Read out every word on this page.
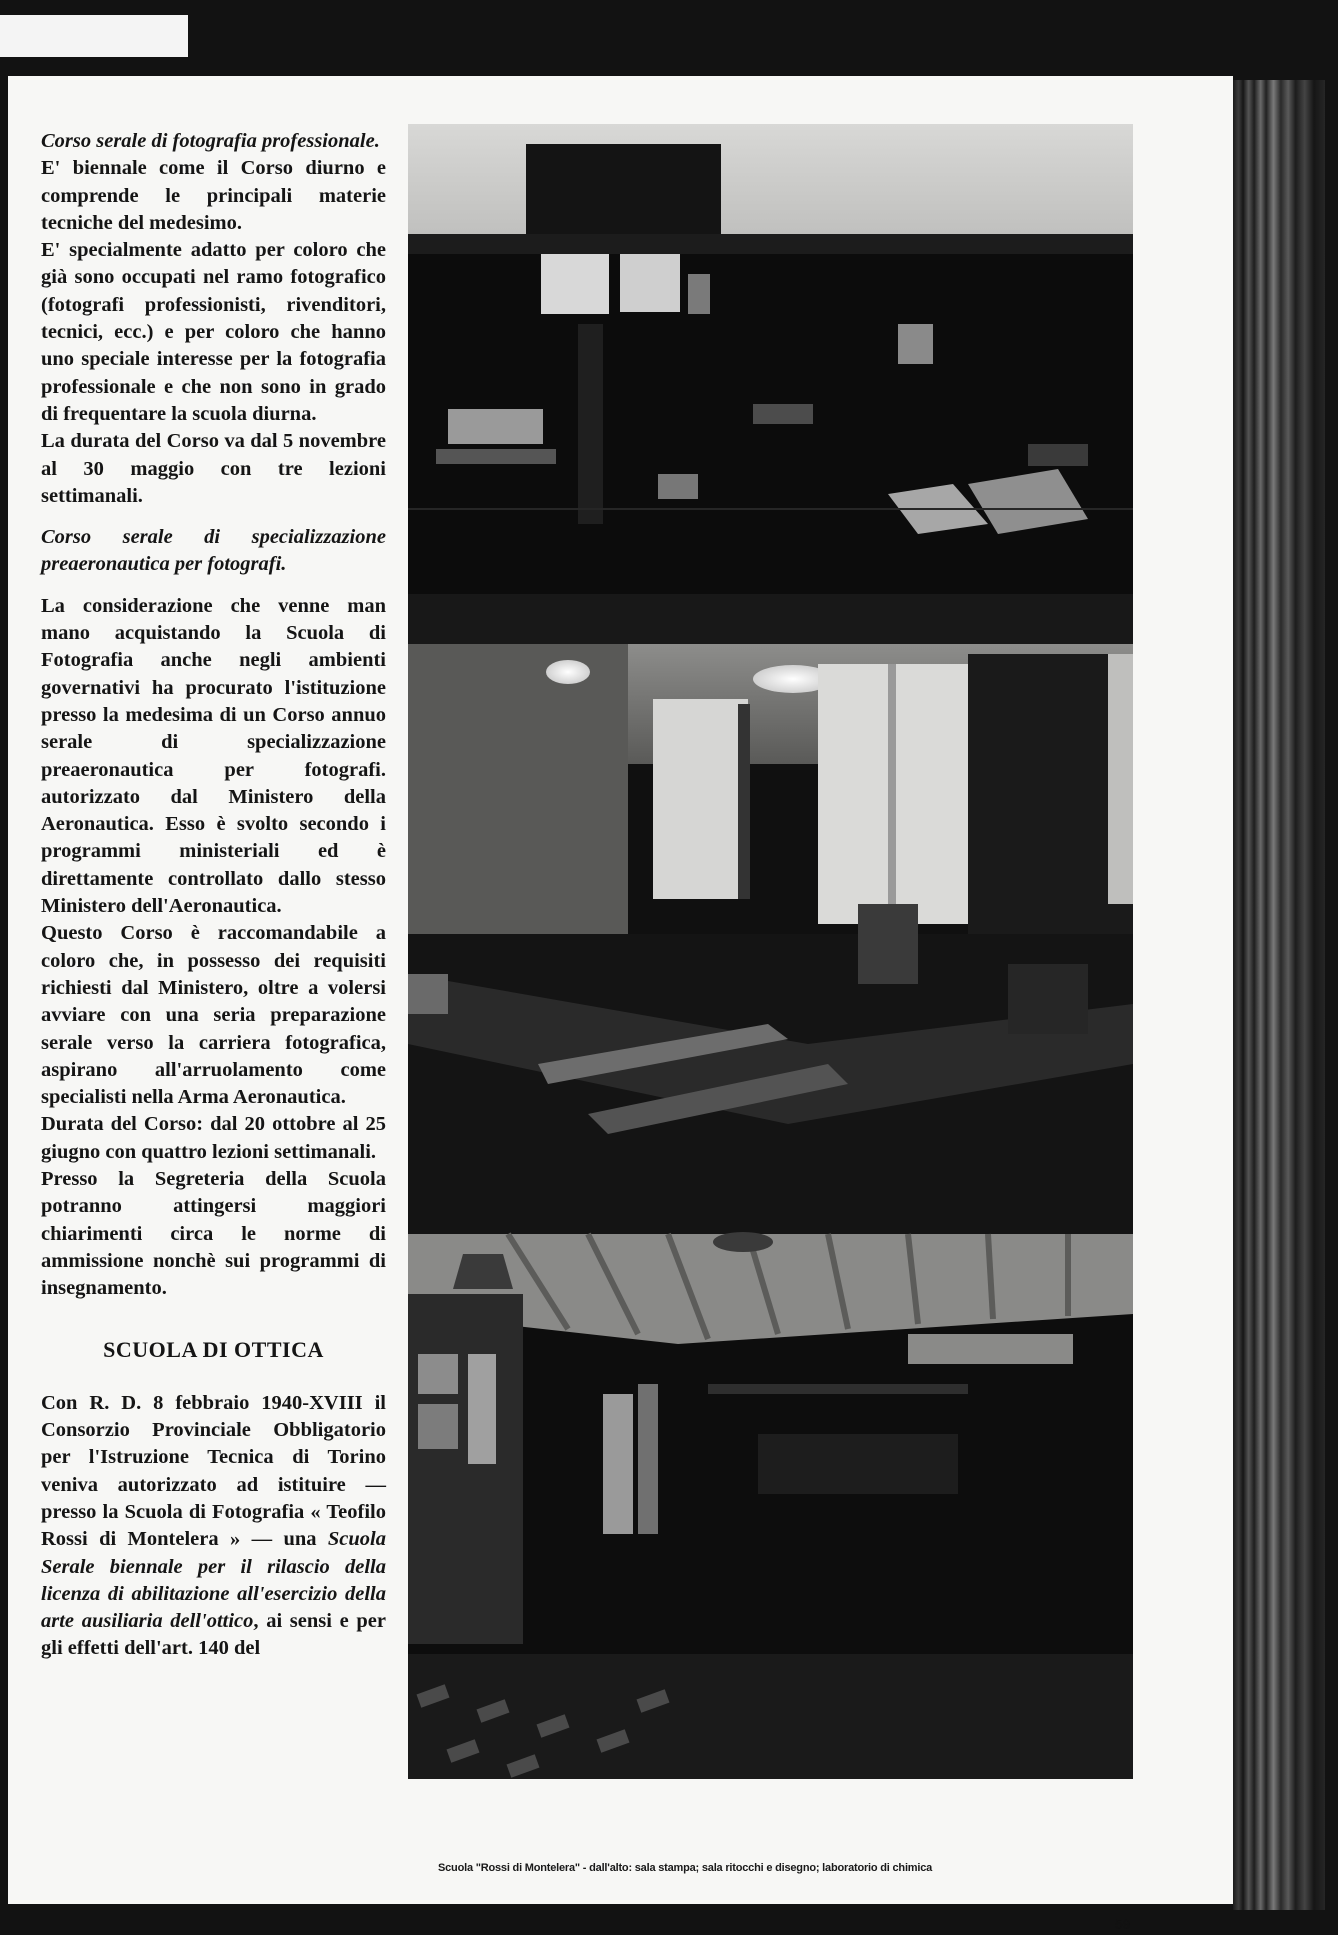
Corso serale di fotografia professionale.

E' biennale come il Corso diurno e comprende le principali materie tecniche del medesimo.

E' specialmente adatto per coloro che già sono occupati nel ramo fotografico (fotografi professionisti, rivenditori, tecnici, ecc.) e per coloro che hanno uno speciale interesse per la fotografia professionale e che non sono in grado di frequentare la scuola diurna.

La durata del Corso va dal 5 novembre al 30 maggio con tre lezioni settimanali.

Corso serale di specializzazione preaeronautica per fotografi.

La considerazione che venne man mano acquistando la Scuola di Fotografia anche negli ambienti governativi ha procurato l'istituzione presso la medesima di un Corso annuo serale di specializzazione preaeronautica per fotografi. autorizzato dal Ministero della Aeronautica. Esso è svolto secondo i programmi ministeriali ed è direttamente controllato dallo stesso Ministero dell'Aeronautica.

Questo Corso è raccomandabile a coloro che, in possesso dei requisiti richiesti dal Ministero, oltre a volersi avviare con una seria preparazione serale verso la carriera fotografica, aspirano all'arruolamento come specialisti nella Arma Aeronautica.

Durata del Corso: dal 20 ottobre al 25 giugno con quattro lezioni settimanali.

Presso la Segreteria della Scuola potranno attingersi maggiori chiarimenti circa le norme di ammissione nonchè sui programmi di insegnamento.

SCUOLA DI OTTICA

Con R. D. 8 febbraio 1940-XVIII il Consorzio Provinciale Obbligatorio per l'Istruzione Tecnica di Torino veniva autorizzato ad istituire — presso la Scuola di Fotografia « Teofilo Rossi di Montelera » — una Scuola Serale biennale per il rilascio della licenza di abilitazione all'esercizio della arte ausiliaria dell'ottico, ai sensi e per gli effetti dell'art. 140 del

Scuola "Rossi di Montelera" - dall'alto: sala stampa; sala ritocchi e disegno; laboratorio di chimica
59
